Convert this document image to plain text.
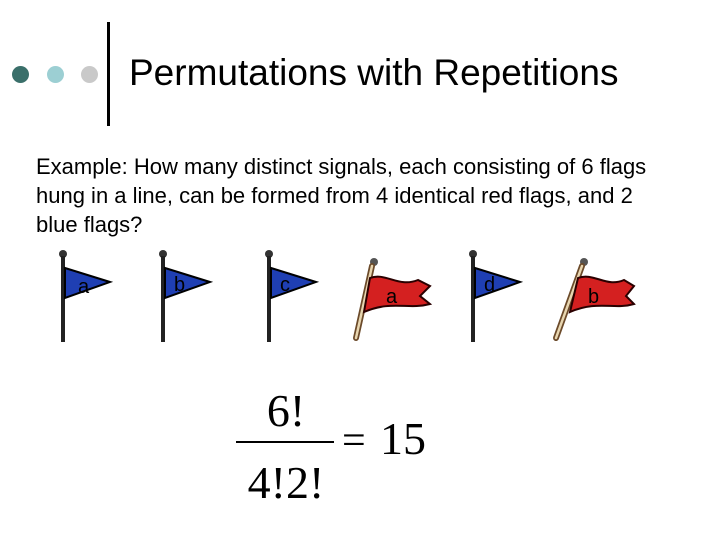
Permutations with Repetitions
Example: How many distinct signals, each consisting of 6 flags hung in a line, can be formed from 4 identical red flags, and 2 blue flags?
a	b	c
a
d
b
6!
4!2!
= 15
